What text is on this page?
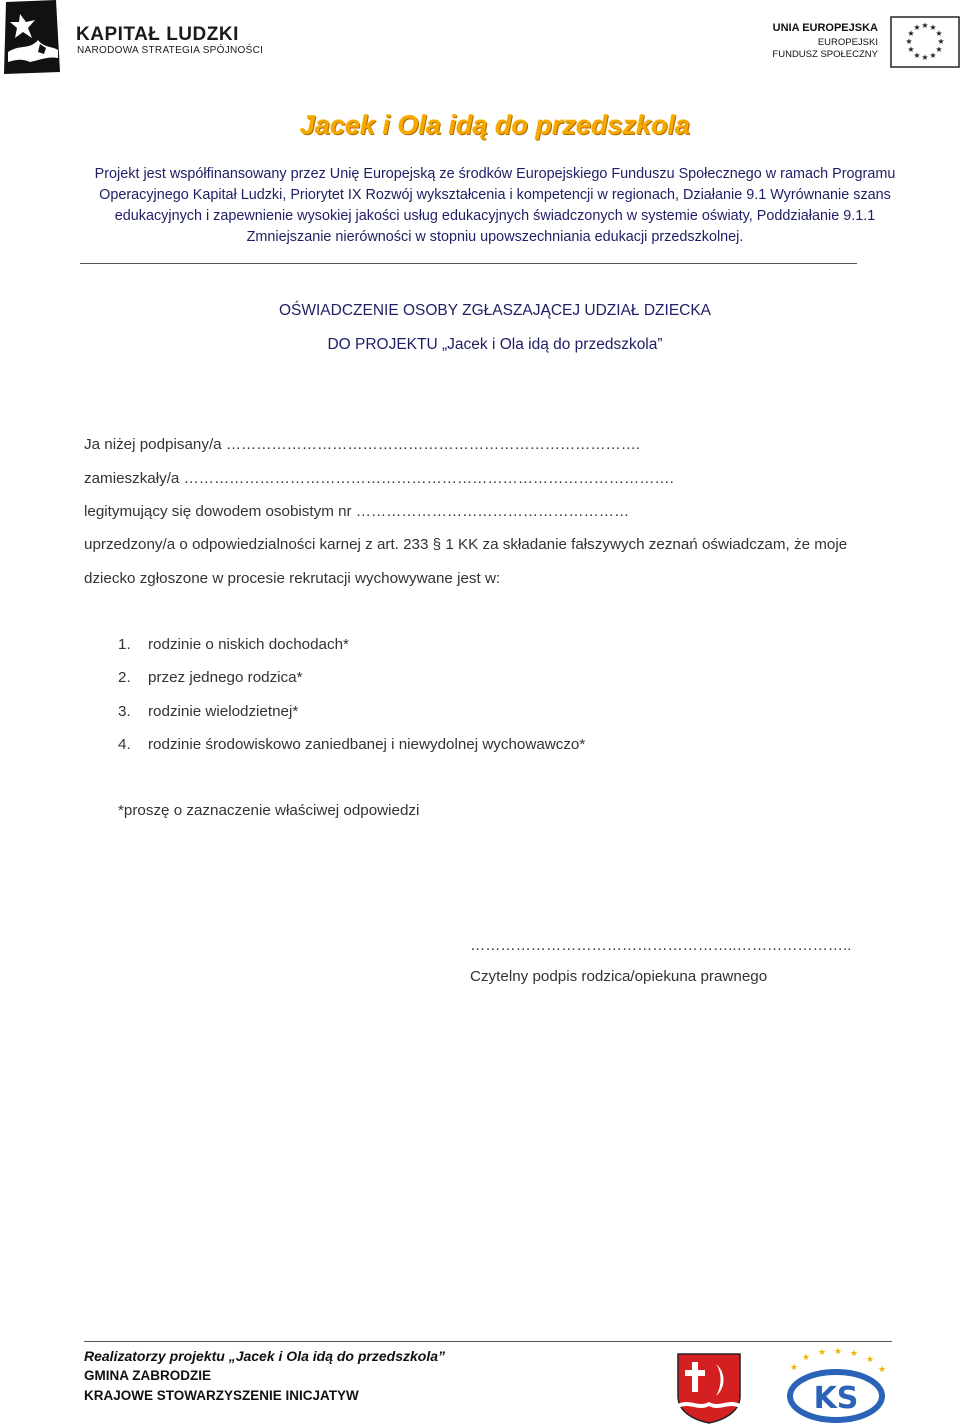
KAPITAŁ LUDZKI
NARODOWA STRATEGIA SPÓJNOŚCI
UNIA EUROPEJSKA
EUROPEJSKI
FUNDUSZ SPOŁECZNY
★ ★
★
★
★
★
★
★
★
★
★
★
Jacek i Ola idą do przedszkola
Projekt jest współfinansowany przez Unię Europejską ze środków Europejskiego Funduszu Społecznego w ramach Programu Operacyjnego Kapitał Ludzki, Priorytet IX Rozwój wykształcenia i kompetencji w regionach, Działanie 9.1 Wyrównanie szans edukacyjnych i zapewnienie wysokiej jakości usług edukacyjnych świadczonych w systemie oświaty, Poddziałanie 9.1.1 Zmniejszanie nierówności w stopniu upowszechniania edukacji przedszkolnej.
OŚWIADCZENIE OSOBY ZGŁASZAJĄCEJ UDZIAŁ DZIECKA
DO PROJEKTU „Jacek i Ola idą do przedszkola”
Ja niżej podpisany/a ……………………………………………………………………….
zamieszkały/a …………………………………………………………………………………….
legitymujący się dowodem osobistym nr ………………………………………………
uprzedzony/a o odpowiedzialności karnej z art. 233 § 1 KK za składanie fałszywych zeznań oświadczam, że moje
dziecko zgłoszone w procesie rekrutacji wychowywane jest w:
1. rodzinie o niskich dochodach*
2. przez jednego rodzica*
3. rodzinie wielodzietnej*
4. rodzinie środowiskowo zaniedbanej i niewydolnej wychowawczo*
*proszę o zaznaczenie właściwej odpowiedzi
……………………………………………..…………………..
Czytelny podpis rodzica/opiekuna prawnego
Realizatorzy projektu „Jacek i Ola idą do przedszkola”
GMINA ZABRODZIE
KRAJOWE STOWARZYSZENIE INICJATYW
★
★ ★ ★ ★
★
★
KS
